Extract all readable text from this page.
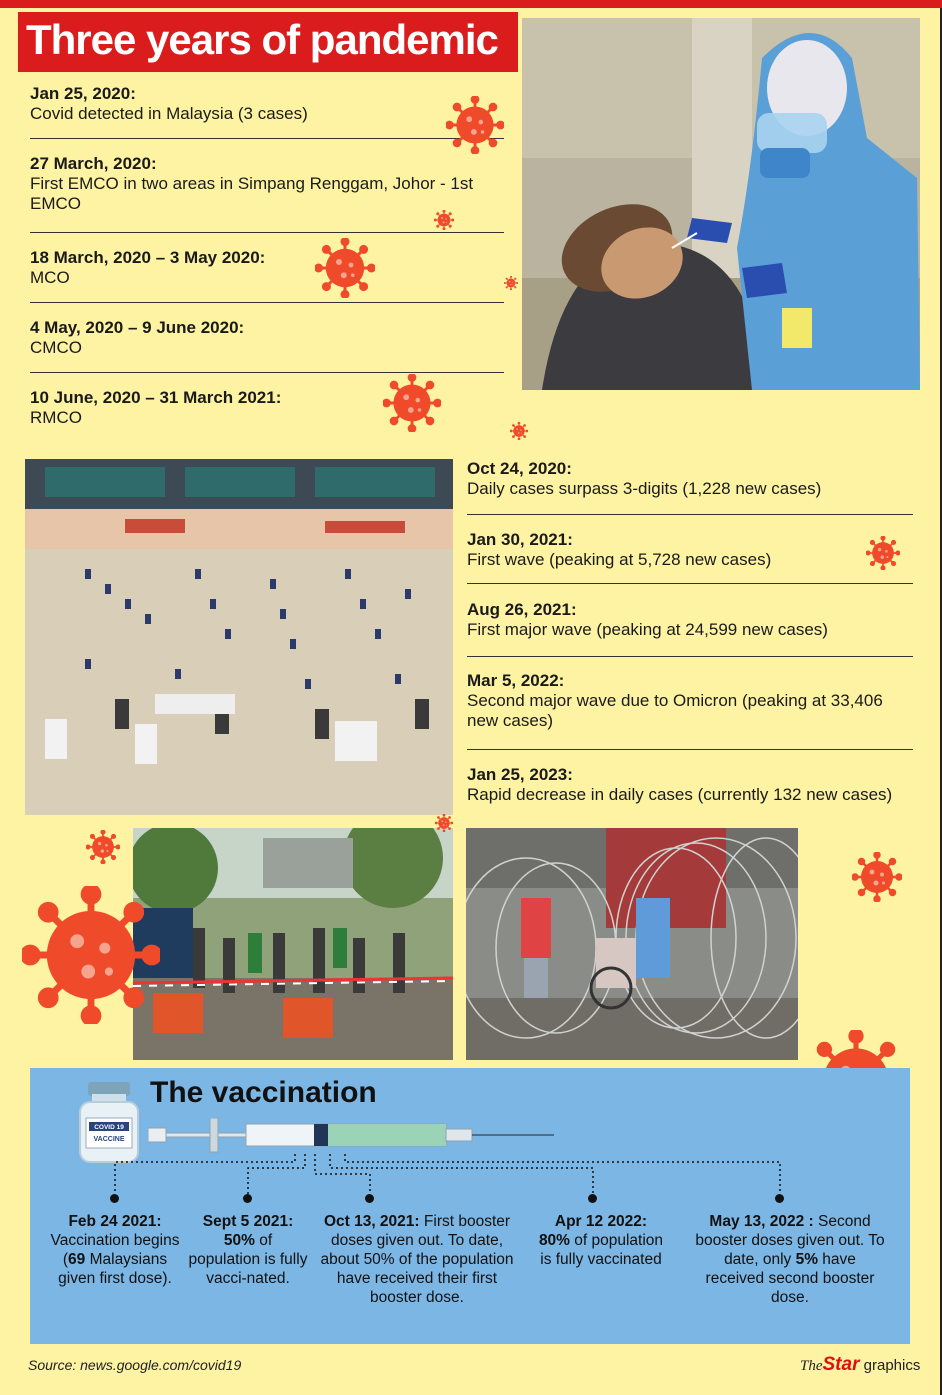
Three years of pandemic
Jan 25, 2020:
Covid detected in Malaysia (3 cases)
27 March, 2020:
First EMCO in two areas in Simpang Renggam, Johor - 1st EMCO
18 March, 2020 – 3 May 2020:
MCO
4 May, 2020 – 9 June 2020:
CMCO
10 June, 2020 – 31 March 2021:
RMCO
Oct 24, 2020:
Daily cases surpass 3-digits (1,228 new cases)
Jan 30, 2021:
First wave (peaking at 5,728 new cases)
Aug 26, 2021:
First major wave (peaking at 24,599 new cases)
Mar 5, 2022:
Second major wave due to Omicron (peaking at 33,406 new cases)
Jan 25, 2023:
Rapid decrease in daily cases (currently 132 new cases)
COVID 19
VACCINE
The vaccination
Feb 24 2021: Vaccination begins (69 Malaysians given first dose).
Sept 5 2021:
50% of population is fully vacci-nated.
Oct 13, 2021: First booster doses given out. To date, about 50% of the population have received their first booster dose.
Apr 12 2022:
80% of population is fully vaccinated
May 13, 2022 : Second booster doses given out. To date, only 5% have received second booster dose.
Source: news.google.com/covid19	TheStar graphics
